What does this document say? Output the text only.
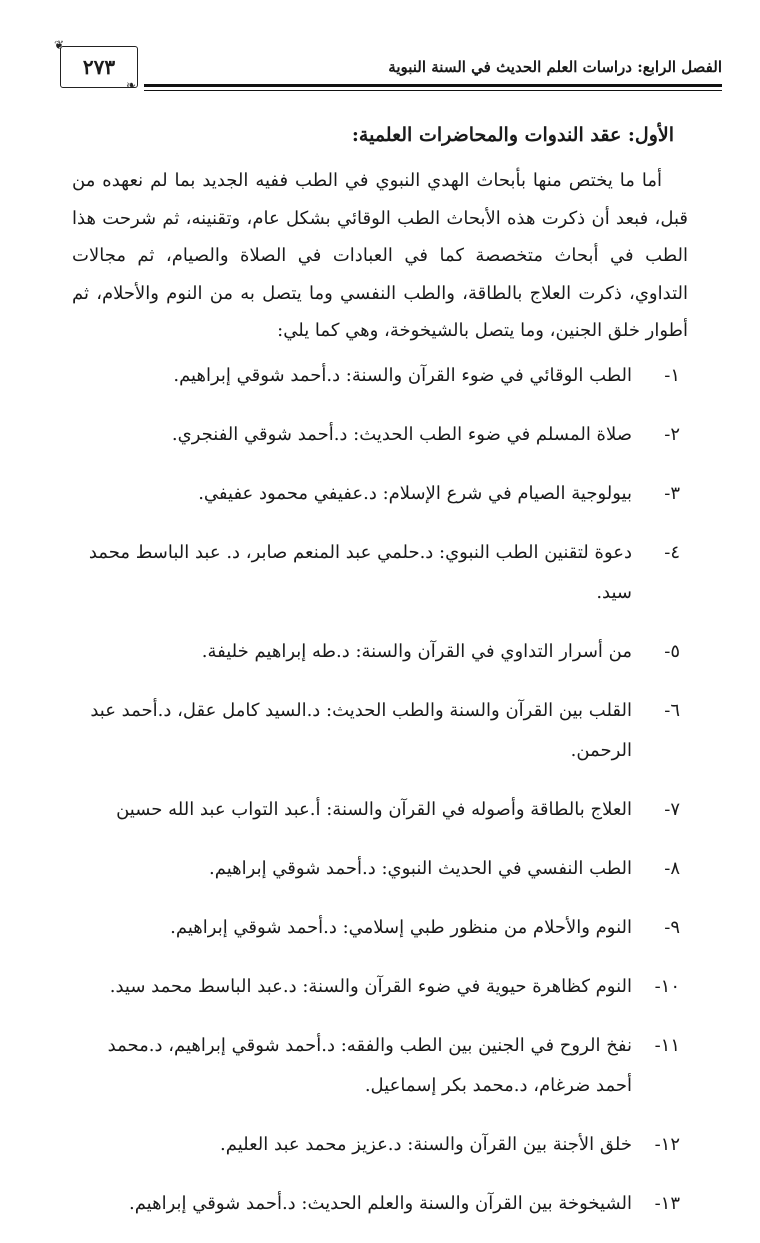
الفصل الرابع: دراسات العلم الحديث في السنة النبوية
٢٧٣
❦
❧
الأول: عقد الندوات والمحاضرات العلمية:

أما ما يختص منها بأبحاث الهدي النبوي في الطب ففيه الجديد بما لم نعهده من قبل، فبعد أن ذكرت هذه الأبحاث الطب الوقائي بشكل عام، وتقنينه، ثم شرحت هذا الطب في أبحاث متخصصة كما في العبادات في الصلاة والصيام، ثم مجالات التداوي، ذكرت العلاج بالطاقة، والطب النفسي وما يتصل به من النوم والأحلام، ثم أطوار خلق الجنين، وما يتصل بالشيخوخة، وهي كما يلي:

١-
الطب الوقائي في ضوء القرآن والسنة: د.أحمد شوقي إبراهيم.
٢-
صلاة المسلم في ضوء الطب الحديث: د.أحمد شوقي الفنجري.
٣-
بيولوجية الصيام في شرع الإسلام: د.عفيفي محمود عفيفي.
٤-
دعوة لتقنين الطب النبوي: د.حلمي عبد المنعم صابر، د. عبد الباسط محمد سيد.
٥-
من أسرار التداوي في القرآن والسنة: د.طه إبراهيم خليفة.
٦-
القلب بين القرآن والسنة والطب الحديث: د.السيد كامل عقل، د.أحمد عبد الرحمن.
٧-
العلاج بالطاقة وأصوله في القرآن والسنة: أ.عبد التواب عبد الله حسين
٨-
الطب النفسي في الحديث النبوي: د.أحمد شوقي إبراهيم.
٩-
النوم والأحلام من منظور طبي إسلامي: د.أحمد شوقي إبراهيم.
١٠-
النوم كظاهرة حيوية في ضوء القرآن والسنة: د.عبد الباسط محمد سيد.
١١-
نفخ الروح في الجنين بين الطب والفقه: د.أحمد شوقي إبراهيم، د.محمد أحمد ضرغام، د.محمد بكر إسماعيل.
١٢-
خلق الأجنة بين القرآن والسنة: د.عزيز محمد عبد العليم.
١٣-
الشيخوخة بين القرآن والسنة والعلم الحديث: د.أحمد شوقي إبراهيم.
